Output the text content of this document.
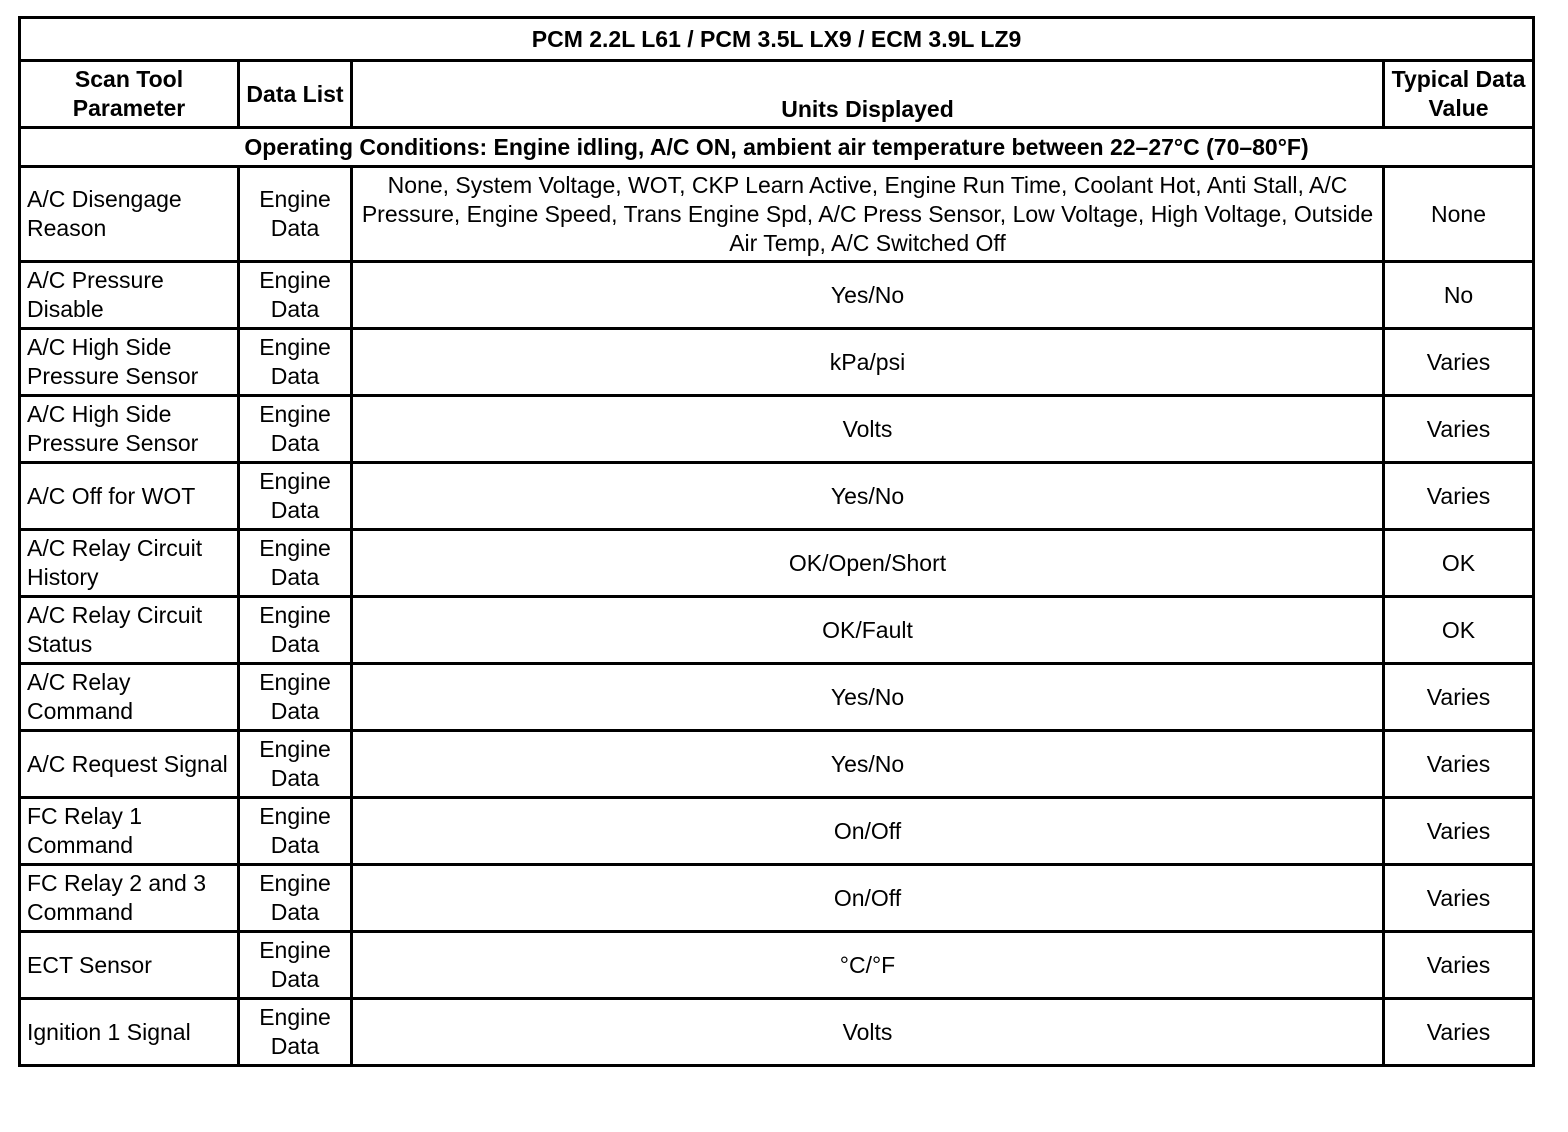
PCM 2.2L L61 / PCM 3.5L LX9 / ECM 3.9L LZ9			
Scan Tool Parameter	Data List	Units Displayed	Typical Data Value
Operating Conditions: Engine idling, A/C ON, ambient air temperature between 22–27°C (70–80°F)			
A/C Disengage Reason	Engine Data	None, System Voltage, WOT, CKP Learn Active, Engine Run Time, Coolant Hot, Anti Stall, A/C Pressure, Engine Speed, Trans Engine Spd, A/C Press Sensor, Low Voltage, High Voltage, Outside Air Temp, A/C Switched Off	None
A/C Pressure Disable	Engine Data	Yes/No	No
A/C High Side Pressure Sensor	Engine Data	kPa/psi	Varies
A/C High Side Pressure Sensor	Engine Data	Volts	Varies
A/C Off for WOT	Engine Data	Yes/No	Varies
A/C Relay Circuit History	Engine Data	OK/Open/Short	OK
A/C Relay Circuit Status	Engine Data	OK/Fault	OK
A/C Relay Command	Engine Data	Yes/No	Varies
A/C Request Signal	Engine Data	Yes/No	Varies
FC Relay 1 Command	Engine Data	On/Off	Varies
FC Relay 2 and 3 Command	Engine Data	On/Off	Varies
ECT Sensor	Engine Data	°C/°F	Varies
Ignition 1 Signal	Engine Data	Volts	Varies
